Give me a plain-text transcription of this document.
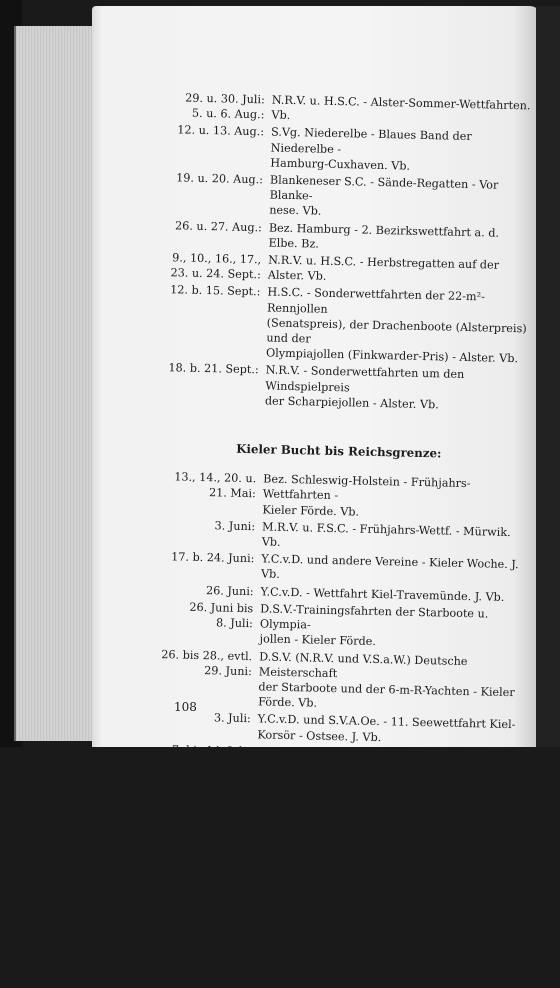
29. u. 30. Juli:
5. u. 6. Aug.:
N.R.V. u. H.S.C. - Alster-Sommer-Wettfahrten. Vb.
12. u. 13. Aug.: S.Vg. Niederelbe - Blaues Band der Niederelbe -
Hamburg-Cuxhaven. Vb.
19. u. 20. Aug.: Blankeneser S.C. - Sände-Regatten - Vor Blanke-
nese. Vb.
26. u. 27. Aug.: Bez. Hamburg - 2. Bezirkswettfahrt a. d. Elbe. Bz.
9., 10., 16., 17.,
23. u. 24. Sept.:
N.R.V. u. H.S.C. - Herbstregatten auf der Alster. Vb.
12. b. 15. Sept.: H.S.C. - Sonderwettfahrten der 22-m²-Rennjollen
(Senatspreis), der Drachenboote (Alsterpreis) und der
Olympiajollen (Finkwarder-Pris) - Alster. Vb.
18. b. 21. Sept.: N.R.V. - Sonderwettfahrten um den Windspielpreis
der Scharpiejollen - Alster. Vb.
Kieler Bucht bis Reichsgrenze:
13., 14., 20. u.
21. Mai:
Bez. Schleswig-Holstein - Frühjahrs-Wettfahrten -
Kieler Förde. Vb.
3. Juni: M.R.V. u. F.S.C. - Frühjahrs-Wettf. - Mürwik. Vb.
17. b. 24. Juni: Y.C.v.D. und andere Vereine - Kieler Woche. J. Vb.
26. Juni: Y.C.v.D. - Wettfahrt Kiel-Travemünde. J. Vb.
26. Juni bis
8. Juli:
D.S.V.-Trainingsfahrten der Starboote u. Olympia-
jollen - Kieler Förde.
26. bis 28., evtl.
29. Juni:
D.S.V. (N.R.V. und V.S.a.W.) Deutsche Meisterschaft
der Starboote und der 6-m-R-Yachten - Kieler
Förde. Vb.
3. Juli: Y.C.v.D. und S.V.A.Oe. - 11. Seewettfahrt Kiel-
Korsör - Ostsee. J. Vb.
7. bis 14. Juli: Kriegsmarine - V. Internationaler Marine-Pokal-
Segel-Wettkampf der Starboote - Kieler Förde. J.
15. bis 24. Juli: Bezirk Schleswig-Holstein - Schlei-Woche. Vb.
20. b. 26. Aug.: D.S.V. (Hamburger Flotte der Starboote) - Welt-
meisterschaft der Starboote - Kieler Förde. J.
25. b. 28. Aug.: F.S.C. und M.R.V. - XIX. Nordmark-Woche - Kiel-
Flensburg. J. Vb.
9., 10., 16. u.
17. September:
Bezirk Schleswig-Holstein - Herbst-Wettfahrten -
Kieler Förde. Vb.
108
